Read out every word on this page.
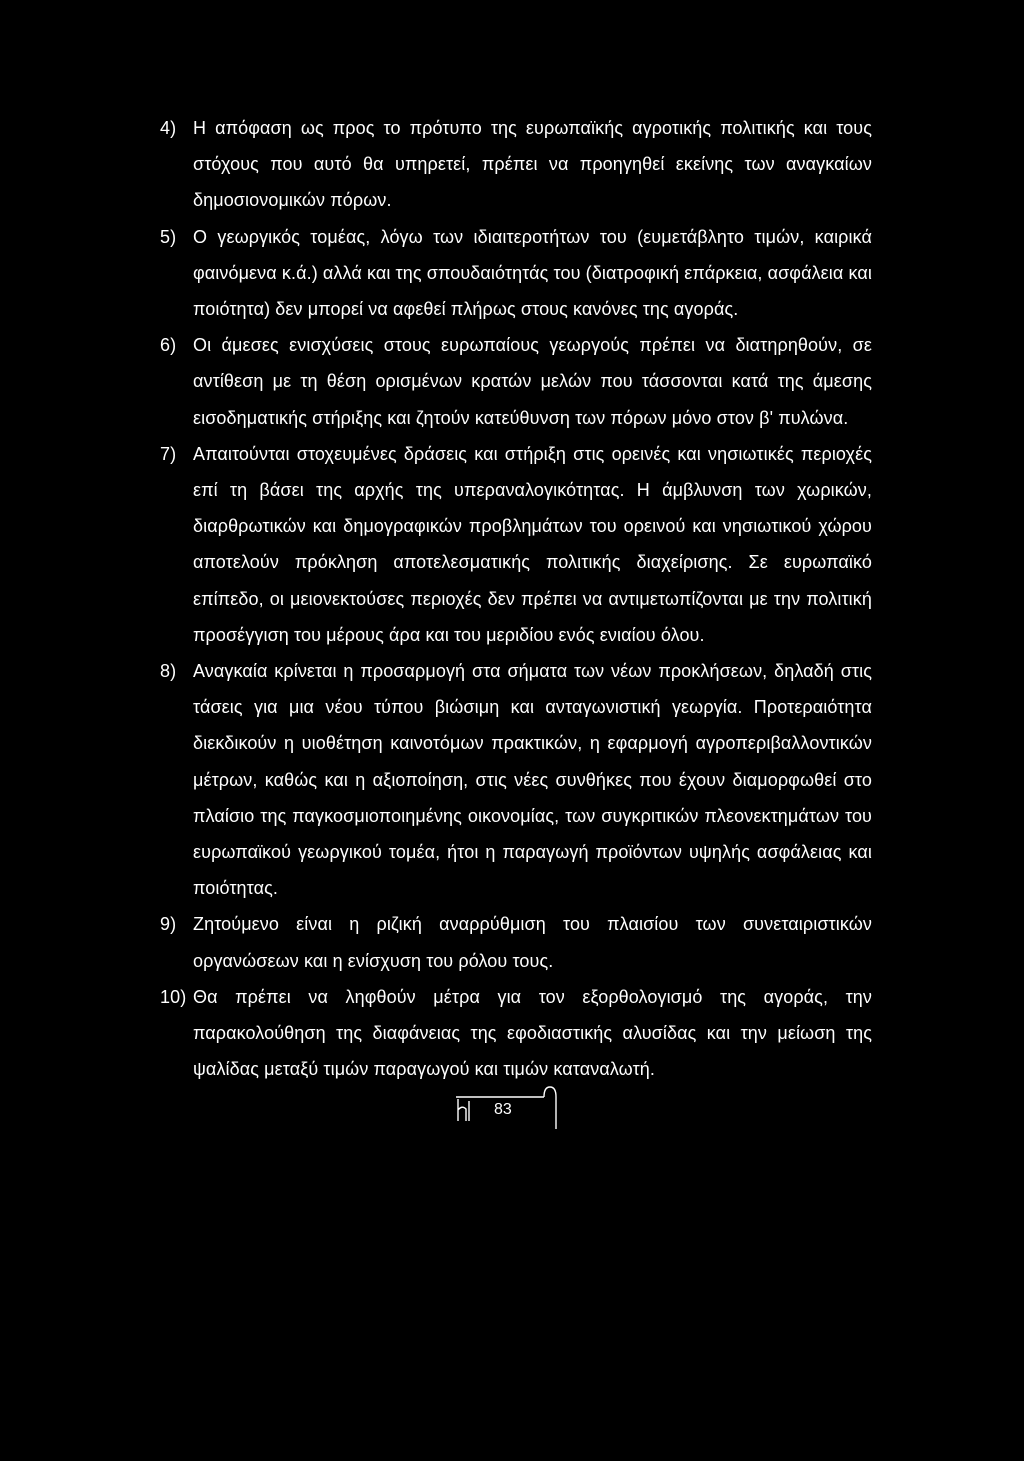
4) Η απόφαση ως προς το πρότυπο της ευρωπαϊκής αγροτικής πολιτικής και τους στόχους που αυτό θα υπηρετεί, πρέπει να προηγηθεί εκείνης των αναγκαίων δημοσιονομικών πόρων.
5) Ο γεωργικός τομέας, λόγω των ιδιαιτεροτήτων του (ευμετάβλητο τιμών, καιρικά φαινόμενα κ.ά.) αλλά και της σπουδαιότητάς του (διατροφική επάρκεια, ασφάλεια και ποιότητα) δεν μπορεί να αφεθεί πλήρως στους κανόνες της αγοράς.
6) Οι άμεσες ενισχύσεις στους ευρωπαίους γεωργούς πρέπει να διατηρηθούν, σε αντίθεση με τη θέση ορισμένων κρατών μελών που τάσσονται κατά της άμεσης εισοδηματικής στήριξης και ζητούν κατεύθυνση των πόρων μόνο στον β' πυλώνα.
7) Απαιτούνται στοχευμένες δράσεις και στήριξη στις ορεινές και νησιωτικές περιοχές επί τη βάσει της αρχής της υπεραναλογικότητας. Η άμβλυνση των χωρικών, διαρθρωτικών και δημογραφικών προβλημάτων του ορεινού και νησιωτικού χώρου αποτελούν πρόκληση αποτελεσματικής πολιτικής διαχείρισης. Σε ευρωπαϊκό επίπεδο, οι μειονεκτούσες περιοχές δεν πρέπει να αντιμετωπίζονται με την πολιτική προσέγγιση του μέρους άρα και του μεριδίου ενός ενιαίου όλου.
8) Αναγκαία κρίνεται η προσαρμογή στα σήματα των νέων προκλήσεων, δηλαδή στις τάσεις για μια νέου τύπου βιώσιμη και ανταγωνιστική γεωργία. Προτεραιότητα διεκδικούν η υιοθέτηση καινοτόμων πρακτικών, η εφαρμογή αγροπεριβαλλοντικών μέτρων, καθώς και η αξιοποίηση, στις νέες συνθήκες που έχουν διαμορφωθεί στο πλαίσιο της παγκοσμιοποιημένης οικονομίας, των συγκριτικών πλεονεκτημάτων του ευρωπαϊκού γεωργικού τομέα, ήτοι η παραγωγή προϊόντων υψηλής ασφάλειας και ποιότητας.
9) Ζητούμενο είναι η ριζική αναρρύθμιση του πλαισίου των συνεταιριστικών οργανώσεων και η ενίσχυση του ρόλου τους.
10) Θα πρέπει να ληφθούν μέτρα για τον εξορθολογισμό της αγοράς, την παρακολούθηση της διαφάνειας της εφοδιαστικής αλυσίδας και την μείωση της ψαλίδας μεταξύ τιμών παραγωγού και τιμών καταναλωτή.
83
